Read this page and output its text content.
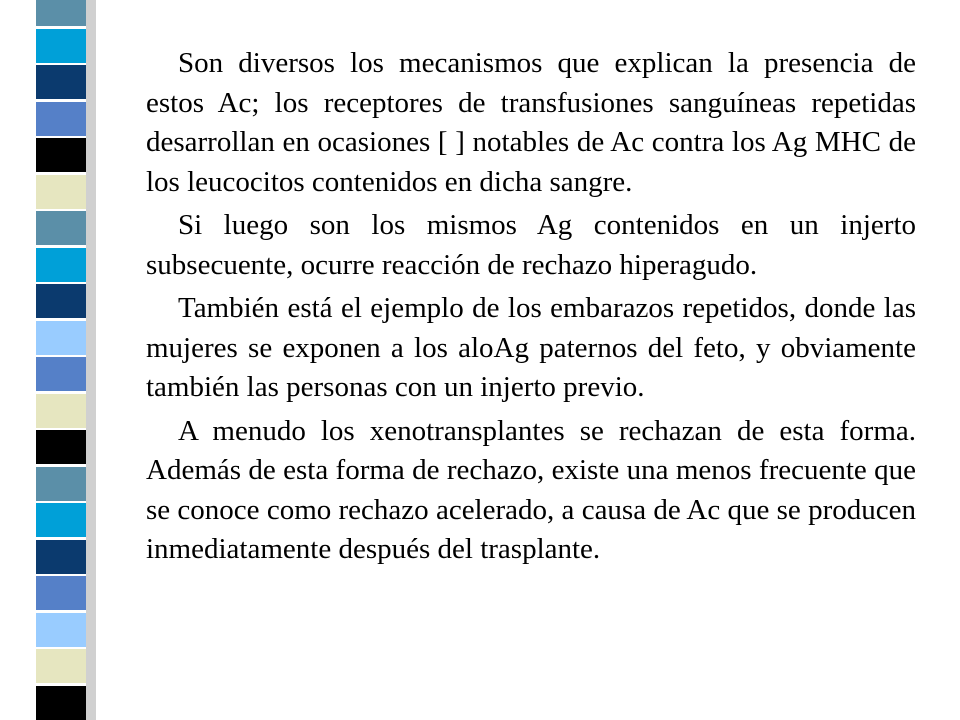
Son diversos los mecanismos que explican la presencia de estos Ac; los receptores de transfusiones sanguíneas repetidas desarrollan en ocasiones [ ] notables de Ac contra los Ag MHC de los leucocitos contenidos en dicha sangre.

Si luego son los mismos Ag contenidos en un injerto subsecuente, ocurre reacción de rechazo hiperagudo.

También está el ejemplo de los embarazos repetidos, donde las mujeres se exponen a los aloAg paternos del feto, y obviamente también las personas con un injerto previo.

A menudo los xenotransplantes se rechazan de esta forma. Además de esta forma de rechazo, existe una menos frecuente que se conoce como rechazo acelerado, a causa de Ac que se producen inmediatamente después del trasplante.
